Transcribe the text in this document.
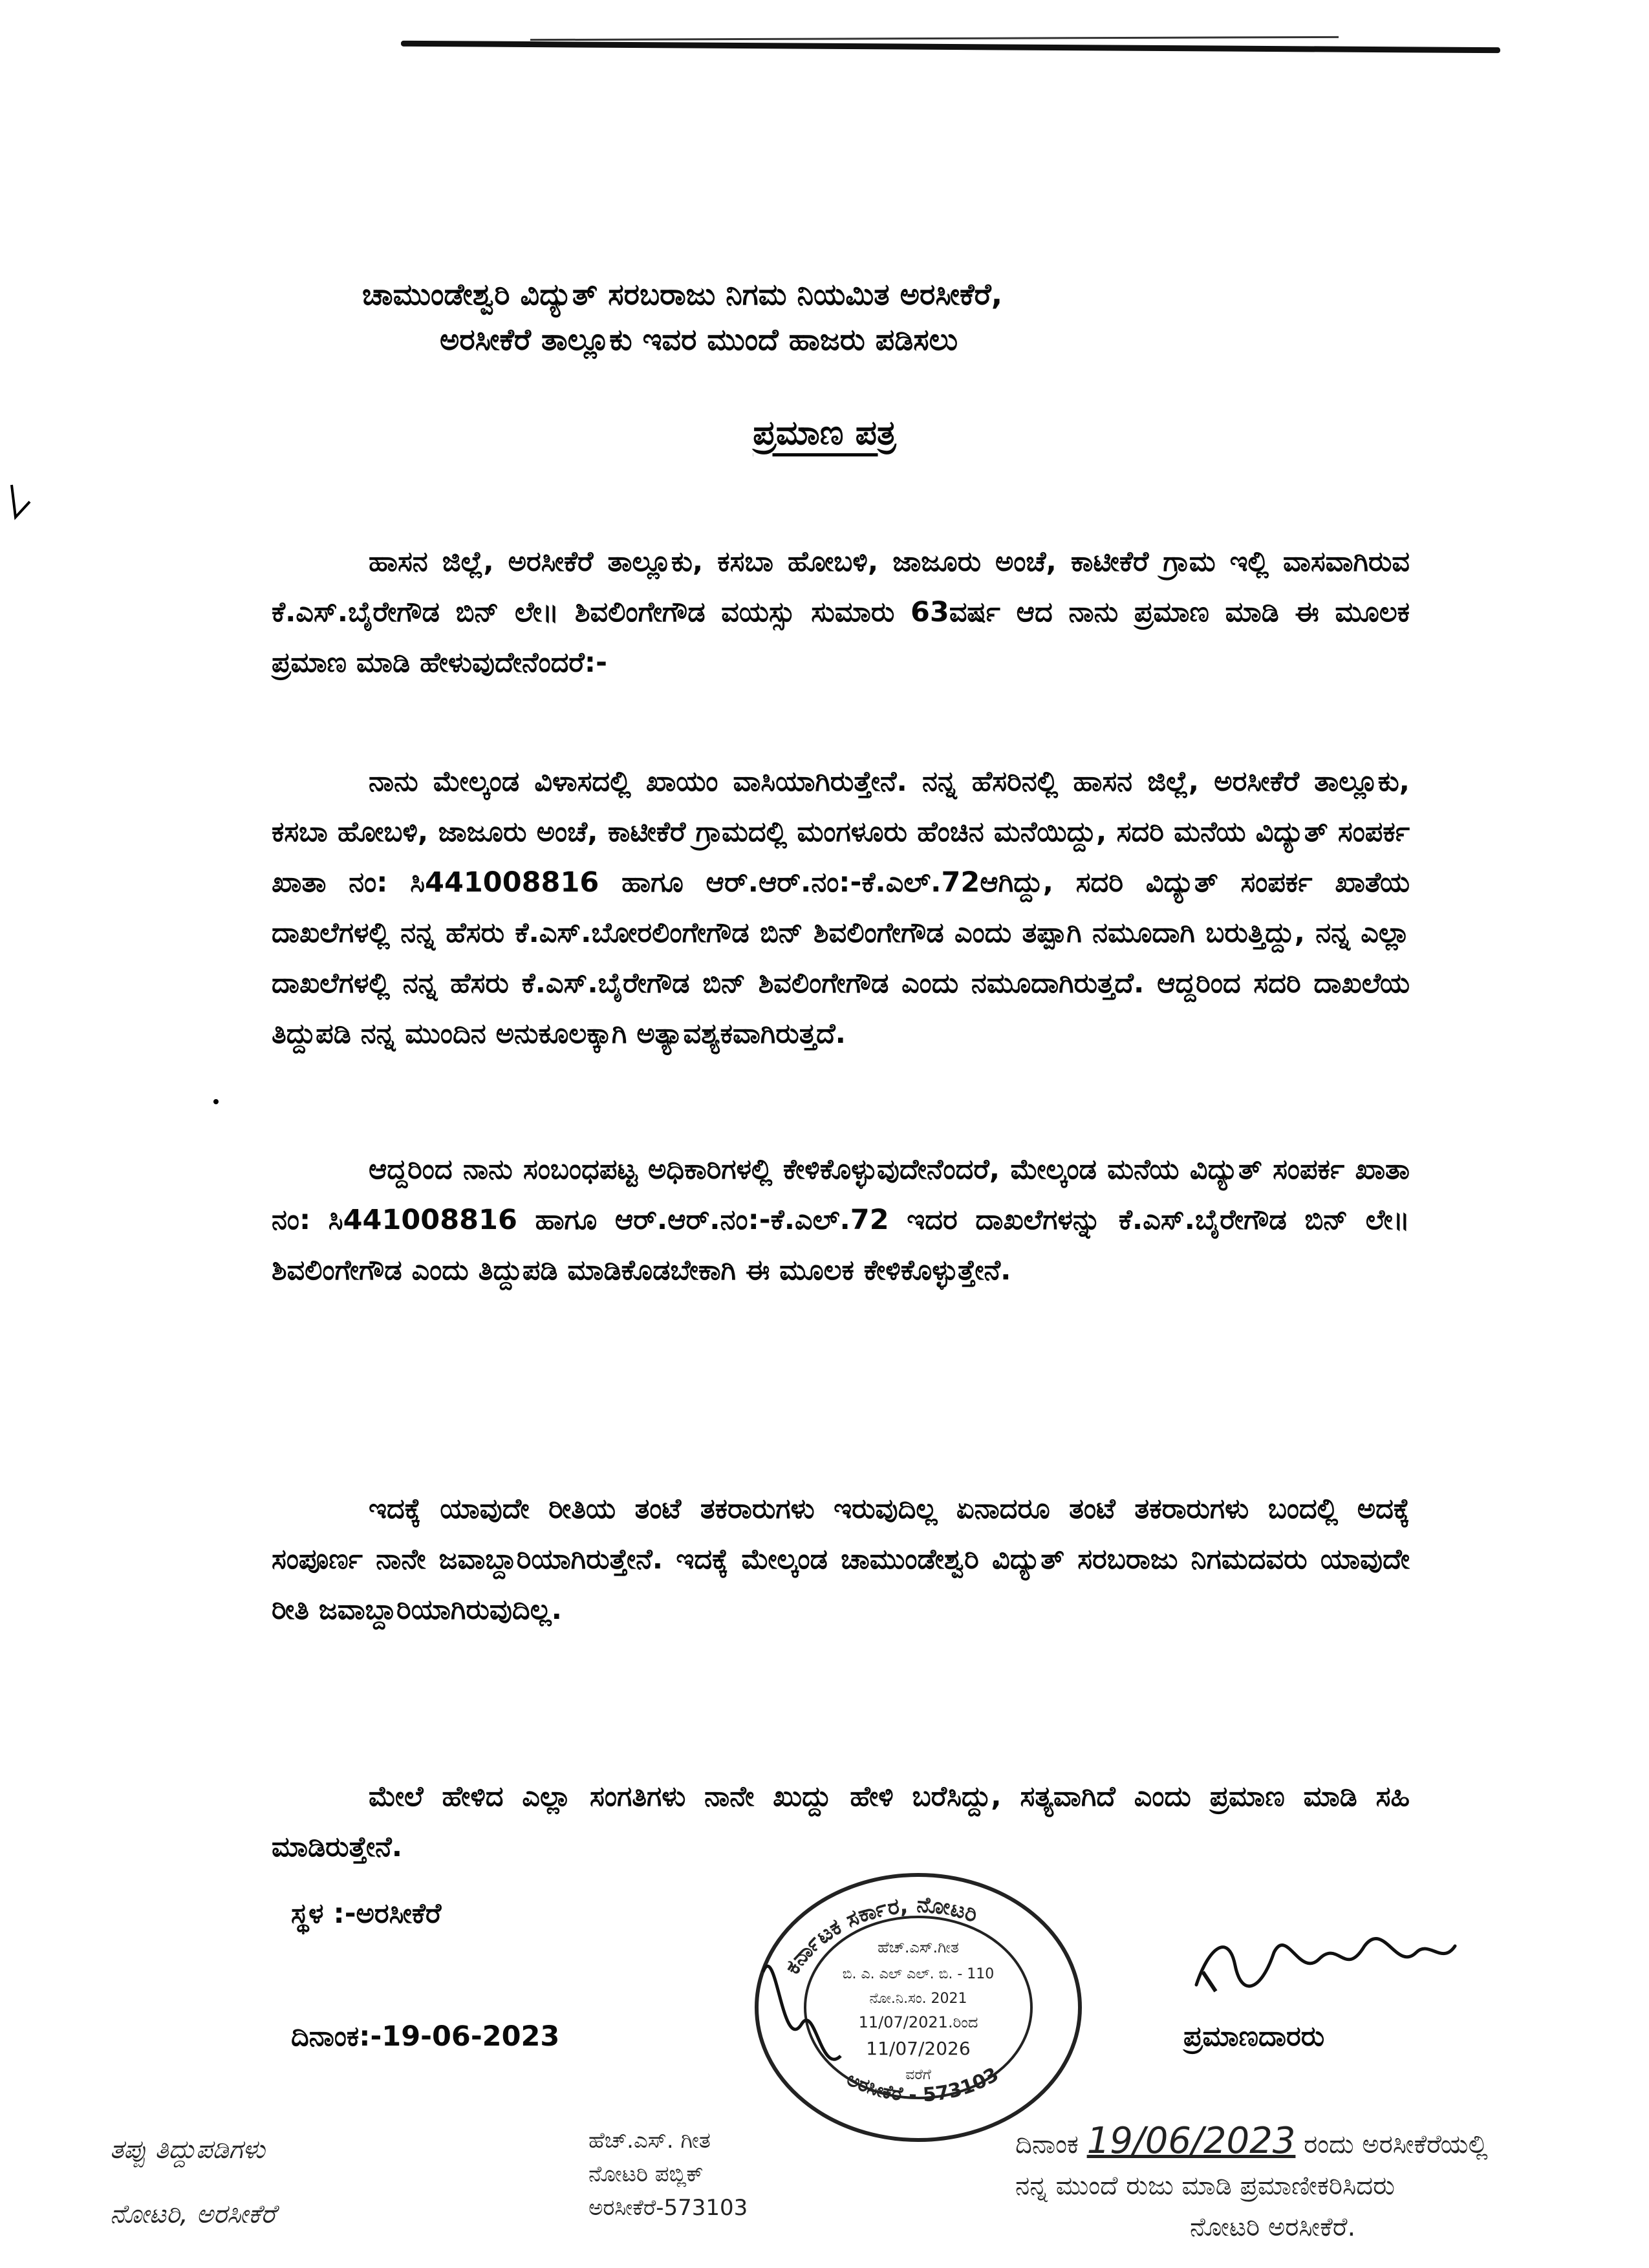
ಚಾಮುಂಡೇಶ್ವರಿ ವಿದ್ಯುತ್ ಸರಬರಾಜು ನಿಗಮ ನಿಯಮಿತ ಅರಸೀಕೆರೆ,
ಅರಸೀಕೆರೆ ತಾಲ್ಲೂಕು ಇವರ ಮುಂದೆ ಹಾಜರು ಪಡಿಸಲು
ಪ್ರಮಾಣ ಪತ್ರ
ಹಾಸನ ಜಿಲ್ಲೆ, ಅರಸೀಕೆರೆ ತಾಲ್ಲೂಕು, ಕಸಬಾ ಹೋಬಳಿ, ಜಾಜೂರು ಅಂಚೆ, ಕಾಟೀಕೆರೆ ಗ್ರಾಮ ಇಲ್ಲಿ ವಾಸವಾಗಿರುವ ಕೆ.ಎಸ್.ಬೈರೇಗೌಡ ಬಿನ್ ಲೇ॥ ಶಿವಲಿಂಗೇಗೌಡ ವಯಸ್ಸು ಸುಮಾರು 63ವರ್ಷ ಆದ ನಾನು ಪ್ರಮಾಣ ಮಾಡಿ ಈ ಮೂಲಕ ಪ್ರಮಾಣ ಮಾಡಿ ಹೇಳುವುದೇನೆಂದರೆ:-
ನಾನು ಮೇಲ್ಕಂಡ ವಿಳಾಸದಲ್ಲಿ ಖಾಯಂ ವಾಸಿಯಾಗಿರುತ್ತೇನೆ. ನನ್ನ ಹೆಸರಿನಲ್ಲಿ ಹಾಸನ ಜಿಲ್ಲೆ, ಅರಸೀಕೆರೆ ತಾಲ್ಲೂಕು, ಕಸಬಾ ಹೋಬಳಿ, ಜಾಜೂರು ಅಂಚೆ, ಕಾಟೀಕೆರೆ ಗ್ರಾಮದಲ್ಲಿ ಮಂಗಳೂರು ಹೆಂಚಿನ ಮನೆಯಿದ್ದು, ಸದರಿ ಮನೆಯ ವಿದ್ಯುತ್ ಸಂಪರ್ಕ ಖಾತಾ ನಂ: ಸಿ441008816 ಹಾಗೂ ಆರ್.ಆರ್.ನಂ:-ಕೆ.ಎಲ್.72ಆಗಿದ್ದು, ಸದರಿ ವಿದ್ಯುತ್ ಸಂಪರ್ಕ ಖಾತೆಯ ದಾಖಲೆಗಳಲ್ಲಿ ನನ್ನ ಹೆಸರು ಕೆ.ಎಸ್.ಬೋರಲಿಂಗೇಗೌಡ ಬಿನ್ ಶಿವಲಿಂಗೇಗೌಡ ಎಂದು ತಪ್ಪಾಗಿ ನಮೂದಾಗಿ ಬರುತ್ತಿದ್ದು, ನನ್ನ ಎಲ್ಲಾ ದಾಖಲೆಗಳಲ್ಲಿ ನನ್ನ ಹೆಸರು ಕೆ.ಎಸ್.ಬೈರೇಗೌಡ ಬಿನ್ ಶಿವಲಿಂಗೇಗೌಡ ಎಂದು ನಮೂದಾಗಿರುತ್ತದೆ. ಆದ್ದರಿಂದ ಸದರಿ ದಾಖಲೆಯ ತಿದ್ದುಪಡಿ ನನ್ನ ಮುಂದಿನ ಅನುಕೂಲಕ್ಕಾಗಿ ಅತ್ಯಾವಶ್ಯಕವಾಗಿರುತ್ತದೆ.
ಆದ್ದರಿಂದ ನಾನು ಸಂಬಂಧಪಟ್ಟ ಅಧಿಕಾರಿಗಳಲ್ಲಿ ಕೇಳಿಕೊಳ್ಳುವುದೇನೆಂದರೆ, ಮೇಲ್ಕಂಡ ಮನೆಯ ವಿದ್ಯುತ್ ಸಂಪರ್ಕ ಖಾತಾ ನಂ: ಸಿ441008816 ಹಾಗೂ ಆರ್.ಆರ್.ನಂ:-ಕೆ.ಎಲ್.72 ಇದರ ದಾಖಲೆಗಳನ್ನು ಕೆ.ಎಸ್.ಬೈರೇಗೌಡ ಬಿನ್ ಲೇ॥ ಶಿವಲಿಂಗೇಗೌಡ ಎಂದು ತಿದ್ದುಪಡಿ ಮಾಡಿಕೊಡಬೇಕಾಗಿ ಈ ಮೂಲಕ ಕೇಳಿಕೊಳ್ಳುತ್ತೇನೆ.
ಇದಕ್ಕೆ ಯಾವುದೇ ರೀತಿಯ ತಂಟೆ ತಕರಾರುಗಳು ಇರುವುದಿಲ್ಲ ಏನಾದರೂ ತಂಟೆ ತಕರಾರುಗಳು ಬಂದಲ್ಲಿ ಅದಕ್ಕೆ ಸಂಪೂರ್ಣ ನಾನೇ ಜವಾಬ್ದಾರಿಯಾಗಿರುತ್ತೇನೆ. ಇದಕ್ಕೆ ಮೇಲ್ಕಂಡ ಚಾಮುಂಡೇಶ್ವರಿ ವಿದ್ಯುತ್ ಸರಬರಾಜು ನಿಗಮದವರು ಯಾವುದೇ ರೀತಿ ಜವಾಬ್ದಾರಿಯಾಗಿರುವುದಿಲ್ಲ.
ಮೇಲೆ ಹೇಳಿದ ಎಲ್ಲಾ ಸಂಗತಿಗಳು ನಾನೇ ಖುದ್ದು ಹೇಳಿ ಬರೆಸಿದ್ದು, ಸತ್ಯವಾಗಿದೆ ಎಂದು ಪ್ರಮಾಣ ಮಾಡಿ ಸಹಿ ಮಾಡಿರುತ್ತೇನೆ.
ಸ್ಥಳ :-ಅರಸೀಕೆರೆ
ದಿನಾಂಕ:-19-06-2023	ಪ್ರಮಾಣದಾರರು
ಕರ್ನಾಟಕ ಸರ್ಕಾರ, ನೋಟರಿ
ಅರಸೀಕೆರೆ - 573103
ಹೆಚ್.ಎಸ್.ಗೀತ
ಬಿ. ಎ. ಎಲ್ ಎಲ್. ಬಿ. - 110
ನೋ.ನಿ.ಸಂ. 2021
11/07/2021.ರಿಂದ
11/07/2026
ವರೆಗೆ
ತಪ್ಪು ತಿದ್ದುಪಡಿಗಳು
ನೋಟರಿ, ಅರಸೀಕೆರೆ
ಹೆಚ್.ಎಸ್. ಗೀತ
ನೋಟರಿ ಪಬ್ಲಿಕ್
ಅರಸೀಕೆರೆ-573103
ದಿನಾಂಕ 19/06/2023 ರಂದು ಅರಸೀಕೆರೆಯಲ್ಲಿ
ನನ್ನ ಮುಂದೆ ರುಜು ಮಾಡಿ ಪ್ರಮಾಣೀಕರಿಸಿದರು
ನೋಟರಿ ಅರಸೀಕೆರೆ.
